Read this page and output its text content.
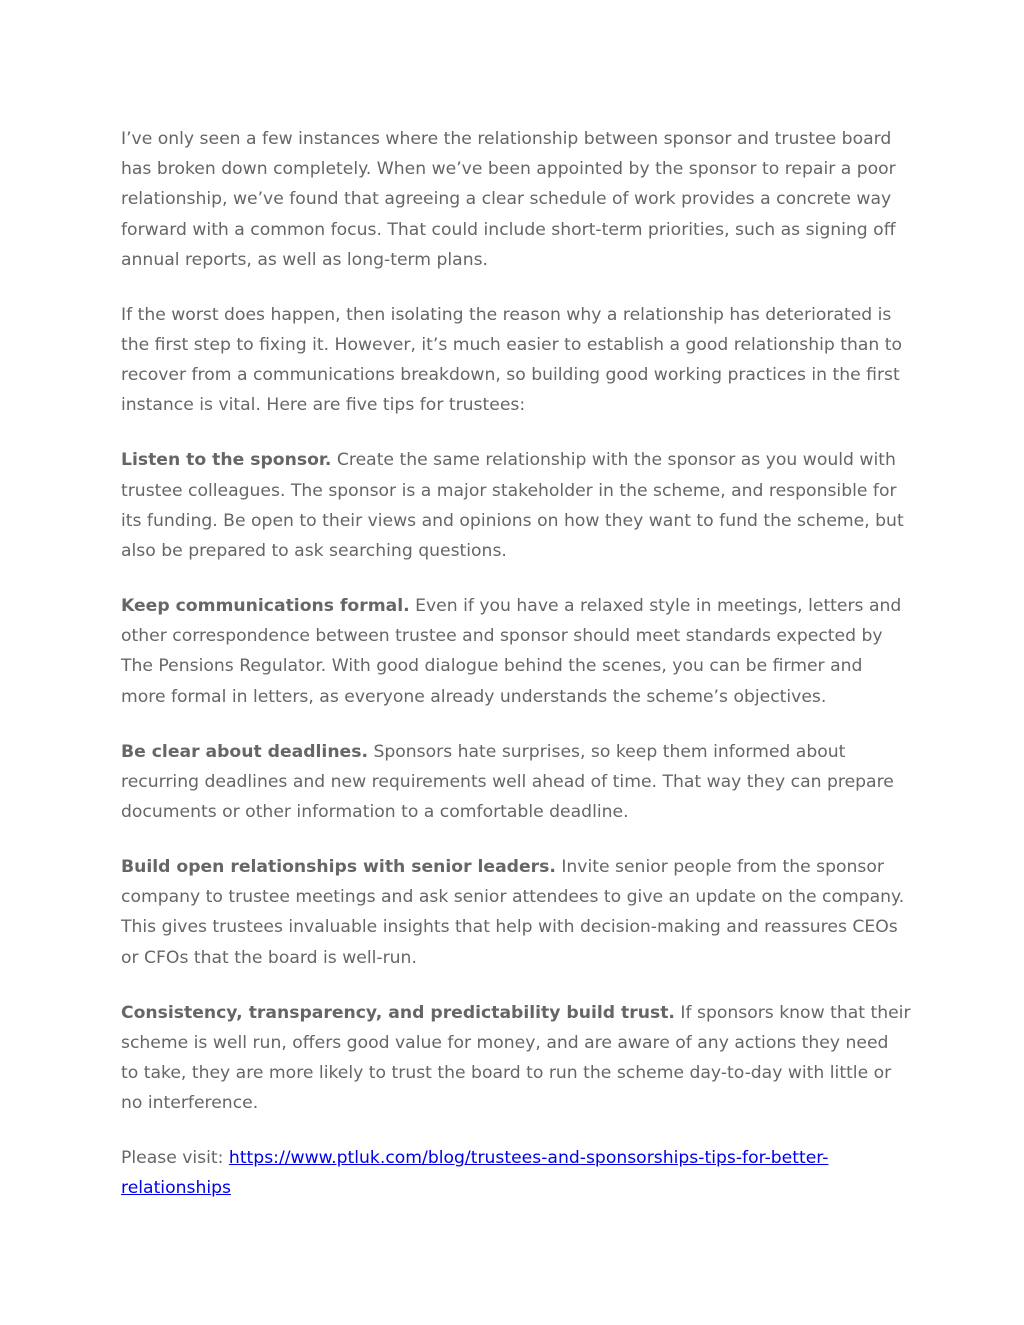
I’ve only seen a few instances where the relationship between sponsor and trustee board has broken down completely. When we’ve been appointed by the sponsor to repair a poor relationship, we’ve found that agreeing a clear schedule of work provides a concrete way forward with a common focus. That could include short-term priorities, such as signing off annual reports, as well as long-term plans.

If the worst does happen, then isolating the reason why a relationship has deteriorated is the first step to fixing it. However, it’s much easier to establish a good relationship than to recover from a communications breakdown, so building good working practices in the first instance is vital. Here are five tips for trustees:

Listen to the sponsor. Create the same relationship with the sponsor as you would with trustee colleagues. The sponsor is a major stakeholder in the scheme, and responsible for its funding. Be open to their views and opinions on how they want to fund the scheme, but also be prepared to ask searching questions.

Keep communications formal. Even if you have a relaxed style in meetings, letters and other correspondence between trustee and sponsor should meet standards expected by The Pensions Regulator. With good dialogue behind the scenes, you can be firmer and more formal in letters, as everyone already understands the scheme’s objectives.

Be clear about deadlines. Sponsors hate surprises, so keep them informed about recurring deadlines and new requirements well ahead of time. That way they can prepare documents or other information to a comfortable deadline.

Build open relationships with senior leaders. Invite senior people from the sponsor company to trustee meetings and ask senior attendees to give an update on the company. This gives trustees invaluable insights that help with decision-making and reassures CEOs or CFOs that the board is well-run.

Consistency, transparency, and predictability build trust. If sponsors know that their scheme is well run, offers good value for money, and are aware of any actions they need to take, they are more likely to trust the board to run the scheme day-to-day with little or no interference.

Please visit: https://www.ptluk.com/blog/trustees-and-sponsorships-tips-for-better-relationships
